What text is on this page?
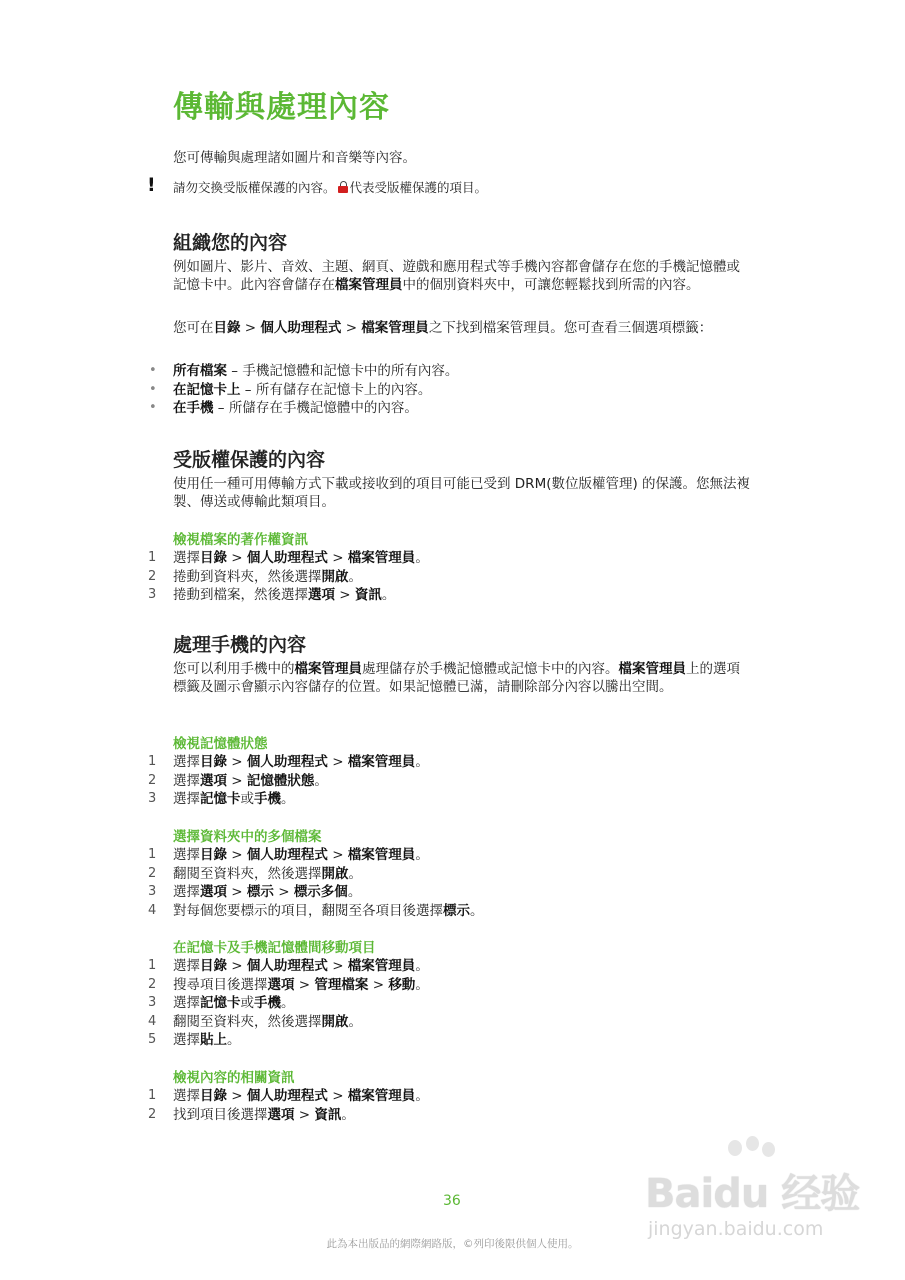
傳輸與處理內容

您可傳輸與處理諸如圖片和音樂等內容。

! 請勿交換受版權保護的內容。 代表受版權保護的項目。

組織您的內容

例如圖片、影片、音效、主題、網頁、遊戲和應用程式等手機內容都會儲存在您的手機記憶體或記憶卡中。此內容會儲存在檔案管理員中的個別資料夾中，可讓您輕鬆找到所需的內容。

您可在目錄 > 個人助理程式 > 檔案管理員之下找到檔案管理員。您可查看三個選項標籤：

• 所有檔案 – 手機記憶體和記憶卡中的所有內容。
• 在記憶卡上 – 所有儲存在記憶卡上的內容。
• 在手機 – 所儲存在手機記憶體中的內容。
受版權保護的內容

使用任一種可用傳輸方式下載或接收到的項目可能已受到 DRM(數位版權管理) 的保護。您無法複製、傳送或傳輸此類項目。

檢視檔案的著作權資訊
1 選擇目錄 > 個人助理程式 > 檔案管理員。
2 捲動到資料夾，然後選擇開啟。
3 捲動到檔案，然後選擇選項 > 資訊。
處理手機的內容

您可以利用手機中的檔案管理員處理儲存於手機記憶體或記憶卡中的內容。檔案管理員上的選項標籤及圖示會顯示內容儲存的位置。如果記憶體已滿，請刪除部分內容以騰出空間。

檢視記憶體狀態
1 選擇目錄 > 個人助理程式 > 檔案管理員。
2 選擇選項 > 記憶體狀態。
3 選擇記憶卡或手機。
選擇資料夾中的多個檔案
1 選擇目錄 > 個人助理程式 > 檔案管理員。
2 翻閱至資料夾，然後選擇開啟。
3 選擇選項 > 標示 > 標示多個。
4 對每個您要標示的項目，翻閱至各項目後選擇標示。
在記憶卡及手機記憶體間移動項目
1 選擇目錄 > 個人助理程式 > 檔案管理員。
2 搜尋項目後選擇選項 > 管理檔案 > 移動。
3 選擇記憶卡或手機。
4 翻閱至資料夾，然後選擇開啟。
5 選擇貼上。
檢視內容的相關資訊
1 選擇目錄 > 個人助理程式 > 檔案管理員。
2 找到項目後選擇選項 > 資訊。
Baidu 经验
jingyan.baidu.com
36
此為本出版品的網際網路版，©列印後限供個人使用。
